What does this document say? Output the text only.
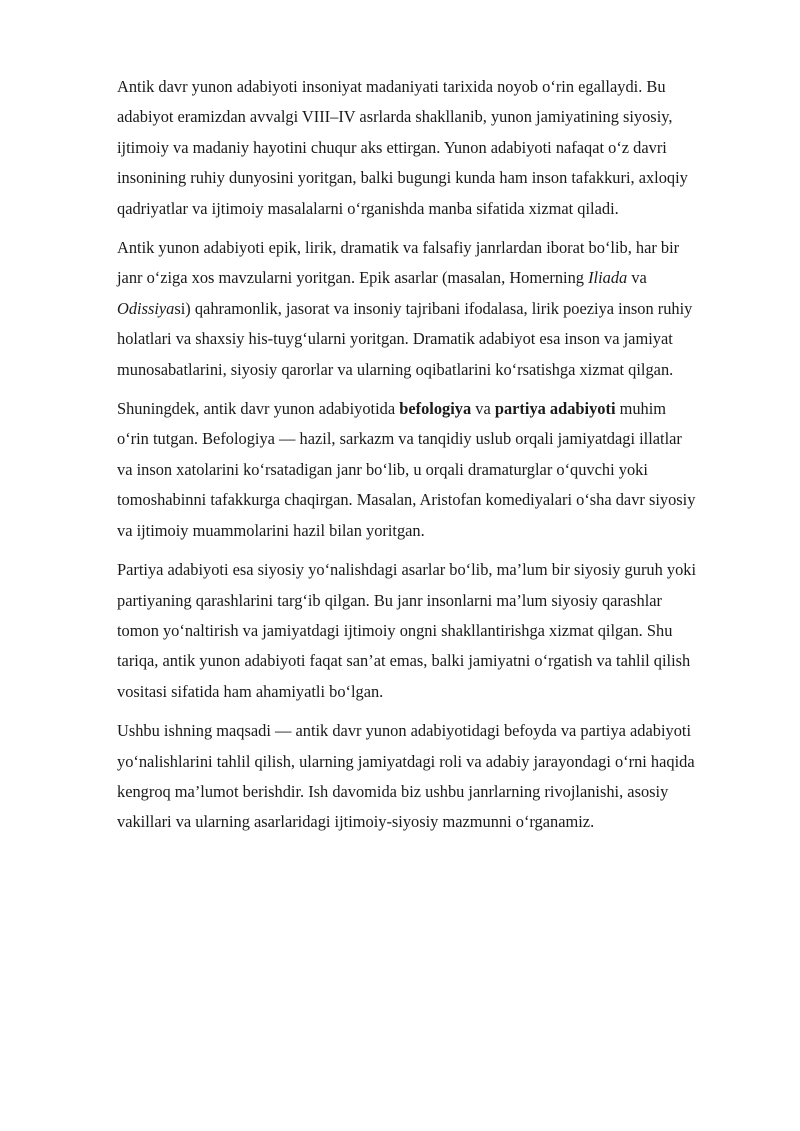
Antik davr yunon adabiyoti insoniyat madaniyati tarixida noyob o‘rin egallaydi. Bu adabiyot eramizdan avvalgi VIII–IV asrlarda shakllanib, yunon jamiyatining siyosiy, ijtimoiy va madaniy hayotini chuqur aks ettirgan. Yunon adabiyoti nafaqat o‘z davri insonining ruhiy dunyosini yoritgan, balki bugungi kunda ham inson tafakkuri, axloqiy qadriyatlar va ijtimoiy masalalarni o‘rganishda manba sifatida xizmat qiladi.

Antik yunon adabiyoti epik, lirik, dramatik va falsafiy janrlardan iborat bo‘lib, har bir janr o‘ziga xos mavzularni yoritgan. Epik asarlar (masalan, Homerning Iliada va Odissiyasi) qahramonlik, jasorat va insoniy tajribani ifodalasa, lirik poeziya inson ruhiy holatlari va shaxsiy his-tuyg‘ularni yoritgan. Dramatik adabiyot esa inson va jamiyat munosabatlarini, siyosiy qarorlar va ularning oqibatlarini ko‘rsatishga xizmat qilgan.

Shuningdek, antik davr yunon adabiyotida befologiya va partiya adabiyoti muhim o‘rin tutgan. Befologiya — hazil, sarkazm va tanqidiy uslub orqali jamiyatdagi illatlar va inson xatolarini ko‘rsatadigan janr bo‘lib, u orqali dramaturglar o‘quvchi yoki tomoshabinni tafakkurga chaqirgan. Masalan, Aristofan komediyalari o‘sha davr siyosiy va ijtimoiy muammolarini hazil bilan yoritgan.

Partiya adabiyoti esa siyosiy yo‘nalishdagi asarlar bo‘lib, ma’lum bir siyosiy guruh yoki partiyaning qarashlarini targ‘ib qilgan. Bu janr insonlarni ma’lum siyosiy qarashlar tomon yo‘naltirish va jamiyatdagi ijtimoiy ongni shakllantirishga xizmat qilgan. Shu tariqa, antik yunon adabiyoti faqat san’at emas, balki jamiyatni o‘rgatish va tahlil qilish vositasi sifatida ham ahamiyatli bo‘lgan.

Ushbu ishning maqsadi — antik davr yunon adabiyotidagi befoyda va partiya adabiyoti yo‘nalishlarini tahlil qilish, ularning jamiyatdagi roli va adabiy jarayondagi o‘rni haqida kengroq ma’lumot berishdir. Ish davomida biz ushbu janrlarning rivojlanishi, asosiy vakillari va ularning asarlaridagi ijtimoiy-siyosiy mazmunni o‘rganamiz.
